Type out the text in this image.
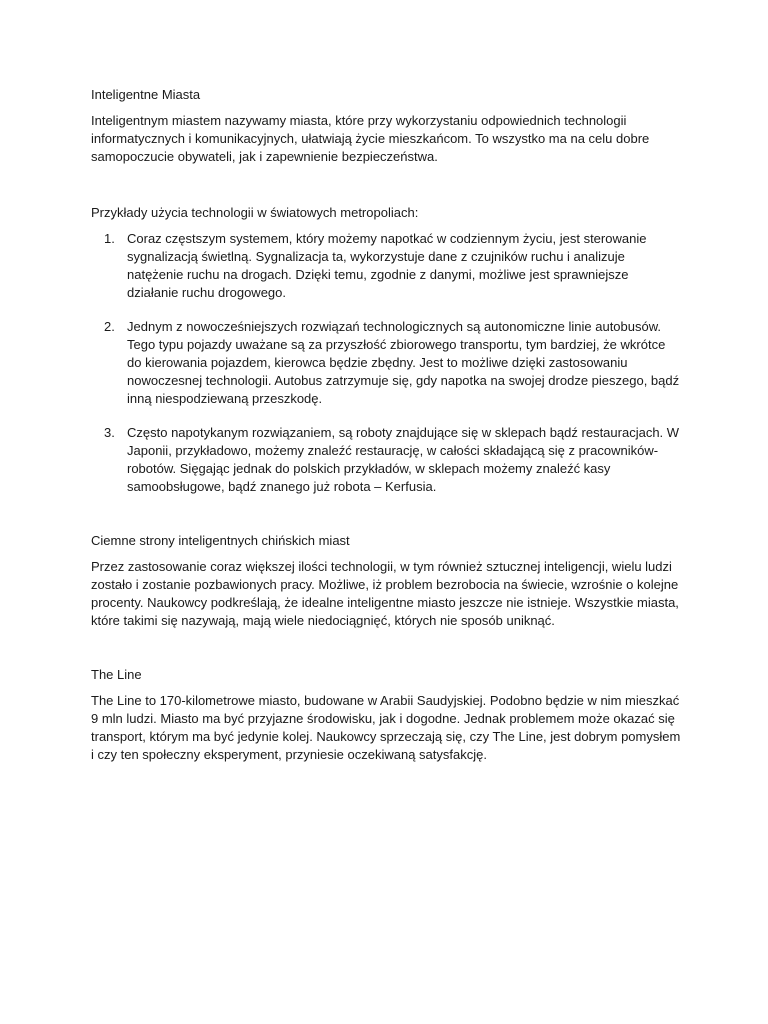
Inteligentne Miasta

Inteligentnym miastem nazywamy miasta, które przy wykorzystaniu odpowiednich technologii informatycznych i komunikacyjnych, ułatwiają życie mieszkańcom. To wszystko ma na celu dobre samopoczucie obywateli, jak i zapewnienie bezpieczeństwa.

Przykłady użycia technologii w światowych metropoliach:

1. Coraz częstszym systemem, który możemy napotkać w codziennym życiu, jest sterowanie sygnalizacją świetlną. Sygnalizacja ta, wykorzystuje dane z czujników ruchu i analizuje natężenie ruchu na drogach. Dzięki temu, zgodnie z danymi, możliwe jest sprawniejsze działanie ruchu drogowego.

2. Jednym z nowocześniejszych rozwiązań technologicznych są autonomiczne linie autobusów. Tego typu pojazdy uważane są za przyszłość zbiorowego transportu, tym bardziej, że wkrótce do kierowania pojazdem, kierowca będzie zbędny. Jest to możliwe dzięki zastosowaniu nowoczesnej technologii. Autobus zatrzymuje się, gdy napotka na swojej drodze pieszego, bądź inną niespodziewaną przeszkodę.

3. Często napotykanym rozwiązaniem, są roboty znajdujące się w sklepach bądź restauracjach. W Japonii, przykładowo, możemy znaleźć restaurację, w całości składającą się z pracowników-robotów. Sięgając jednak do polskich przykładów, w sklepach możemy znaleźć kasy samoobsługowe, bądź znanego już robota – Kerfusia.

Ciemne strony inteligentnych chińskich miast

Przez zastosowanie coraz większej ilości technologii, w tym również sztucznej inteligencji, wielu ludzi zostało i zostanie pozbawionych pracy. Możliwe, iż problem bezrobocia na świecie, wzrośnie o kolejne procenty. Naukowcy podkreślają, że idealne inteligentne miasto jeszcze nie istnieje. Wszystkie miasta, które takimi się nazywają, mają wiele niedociągnięć, których nie sposób uniknąć.

The Line

The Line to 170-kilometrowe miasto, budowane w Arabii Saudyjskiej. Podobno będzie w nim mieszkać 9 mln ludzi. Miasto ma być przyjazne środowisku, jak i dogodne. Jednak problemem może okazać się transport, którym ma być jedynie kolej. Naukowcy sprzeczają się, czy The Line, jest dobrym pomysłem i czy ten społeczny eksperyment, przyniesie oczekiwaną satysfakcję.
